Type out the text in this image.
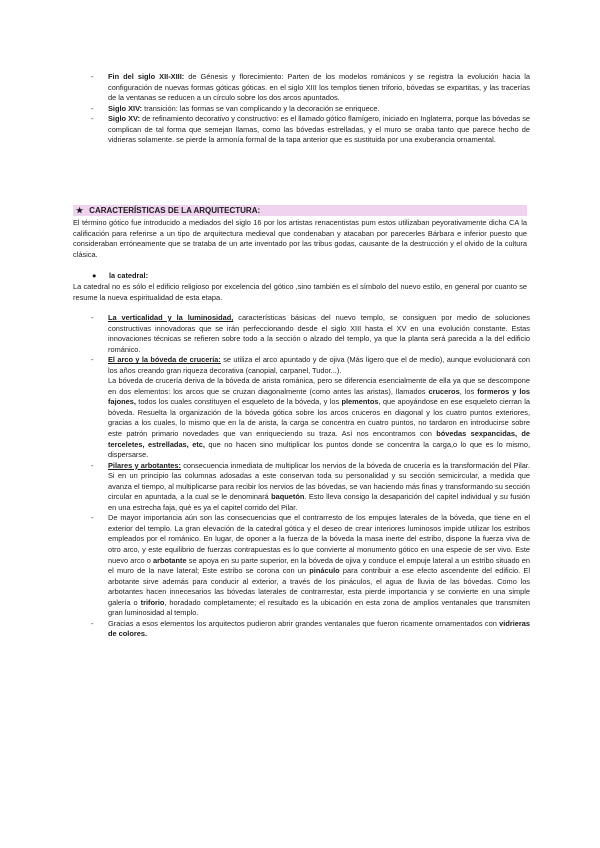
- Fin del siglo XII-XIII: de Génesis y florecimiento: Parten de los modelos románicos y se registra la evolución hacia la configuración de nuevas formas góticas góticas. en el siglo XIII los templos tienen triforio, bóvedas se expartitas, y las tracerías de la ventanas se reducen a un círculo sobre los dos arcos apuntados.
- Siglo XIV: transición: las formas se van complicando y la decoración se enriquece.
- Siglo XV: de refinamiento decorativo y constructivo: es el llamado gótico flamígero, iniciado en Inglaterra, porque las bóvedas se complican de tal forma que semejan llamas, como las bóvedas estrelladas, y el muro se oraba tanto que parece hecho de vidrieras solamente. se pierde la armonía formal de la tapa anterior que es sustituida por una exuberancia ornamental.
★ CARACTERÍSTICAS DE LA ARQUITECTURA:
El término gótico fue introducido a mediados del siglo 16 por los artistas renacentistas pum estos utilizaban peyorativamente dicha CA la calificación para referirse a un tipo de arquitectura medieval que condenaban y atacaban por parecerles Bárbara e inferior puesto que consideraban erróneamente que se trataba de un arte inventado por las tribus godas, causante de la destrucción y el olvido de la cultura clásica.
● la catedral:
La catedral no es sólo el edificio religioso por excelencia del gótico ,sino también es el símbolo del nuevo estilo, en general por cuanto se resume la nueva espiritualidad de esta etapa.
- La verticalidad y la luminosidad, características básicas del nuevo templo, se consiguen por medio de soluciones constructivas innovadoras que se irán perfeccionando desde el siglo XIII hasta el XV en una evolución constante. Estas innovaciones técnicas se refieren sobre todo a la sección o alzado del templo, ya que la planta será parecida a la del edificio románico.
- El arco y la bóveda de crucería: se utiliza el arco apuntado y de ojiva (Más ligero que el de medio), aunque evolucionará con los años creando gran riqueza decorativa (canopial, carpanel, Tudor...).
La bóveda de crucería deriva de la bóveda de arista románica, pero se diferencia esencialmente de ella ya que se descompone en dos elementos: los arcos que se cruzan diagonalmente (como antes las aristas), llamados cruceros, los formeros y los fajones, todos los cuales constituyen el esqueleto de la bóveda, y los plementos, que apoyándose en ese esqueleto cierran la bóveda. Resuelta la organización de la bóveda gótica sobre los arcos cruceros en diagonal y los cuatro puntos exteriores, gracias a los cuales, lo mismo que en la de arista, la carga se concentra en cuatro puntos, no tardaron en introducirse sobre este patrón primario novedades que van enriqueciendo su traza. Así nos encontramos con bóvedas sexpancidas, de terceletes, estrelladas, etc, que no hacen sino multiplicar los puntos donde se concentra la carga,o lo que es lo mismo, dispersarse.
- Pilares y arbotantes: consecuencia inmediata de multiplicar los nervios de la bóveda de crucería es la transformación del Pilar. Si en un principio las columnas adosadas a este conservan toda su personalidad y su sección semicircular, a medida que avanza el tiempo, al multiplicarse para recibir los nervios de las bóvedas, se van haciendo más finas y transformando su sección circular en apuntada, a la cual se le denominará baquetón. Esto lleva consigo la desaparición del capitel individual y su fusión en una estrecha faja, qué es ya el capitel corrido del Pilar.
- De mayor importancia aún son las consecuencias que el contrarresto de los empujes laterales de la bóveda, que tiene en el exterior del templo. La gran elevación de la catedral gótica y el deseo de crear interiores luminosos impide utilizar los estribos empleados por el románico. En lugar, de oponer a la fuerza de la bóveda la masa inerte del estribo, dispone la fuerza viva de otro arco, y este equilibrio de fuerzas contrapuestas es lo que convierte al monumento gótico en una especie de ser vivo. Este nuevo arco o arbotante se apoya en su parte superior, en la bóveda de ojiva y conduce el empuje lateral a un estribo situado en el muro de la nave lateral; Este estribo se corona con un pináculo para contribuir a ese efecto ascendente del edificio. El arbotante sirve además para conducir al exterior, a través de los pináculos, el agua de lluvia de las bóvedas. Como los arbotantes hacen innecesarios las bóvedas laterales de contrarrestar, esta pierde importancia y se convierte en una simple galería o triforio, horadado completamente; el resultado es la ubicación en esta zona de amplios ventanales que transmiten gran luminosidad al templo.
- Gracias a esos elementos los arquitectos pudieron abrir grandes ventanales que fueron ricamente ornamentados con vidrieras de colores.
